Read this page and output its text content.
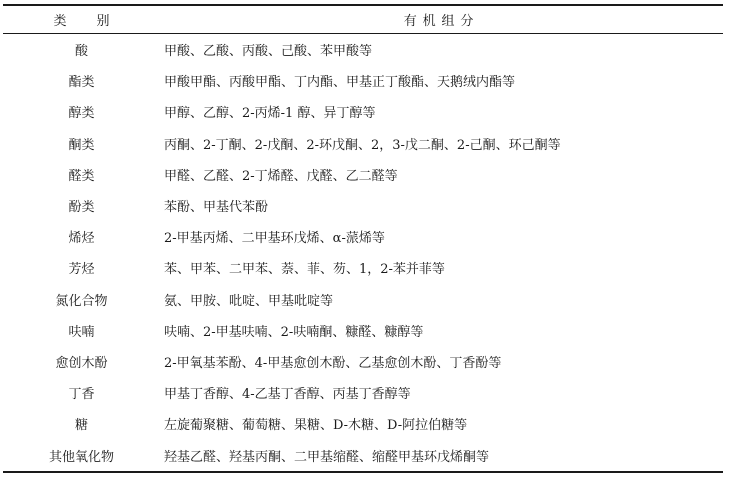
类 别	有机组分
酸	甲酸、乙酸、丙酸、己酸、苯甲酸等
酯类	甲酸甲酯、丙酸甲酯、丁内酯、甲基正丁酸酯、天鹅绒内酯等
醇类	甲醇、乙醇、2-丙烯-1 醇、异丁醇等
酮类	丙酮、2-丁酮、2-戊酮、2-环戊酮、2，3-戊二酮、2-己酮、环己酮等
醛类	甲醛、乙醛、2-丁烯醛、戊醛、乙二醛等
酚类	苯酚、甲基代苯酚
烯烃	2-甲基丙烯、二甲基环戊烯、α-蒎烯等
芳烃	苯、甲苯、二甲苯、萘、菲、芴、1，2-苯并菲等
氮化合物	氨、甲胺、吡啶、甲基吡啶等
呋喃	呋喃、2-甲基呋喃、2-呋喃酮、糠醛、糠醇等
愈创木酚	2-甲氧基苯酚、4-甲基愈创木酚、乙基愈创木酚、丁香酚等
丁香	甲基丁香醇、4-乙基丁香醇、丙基丁香醇等
糖	左旋葡聚糖、葡萄糖、果糖、D-木糖、D-阿拉伯糖等
其他氧化物	羟基乙醛、羟基丙酮、二甲基缩醛、缩醛甲基环戊烯酮等
